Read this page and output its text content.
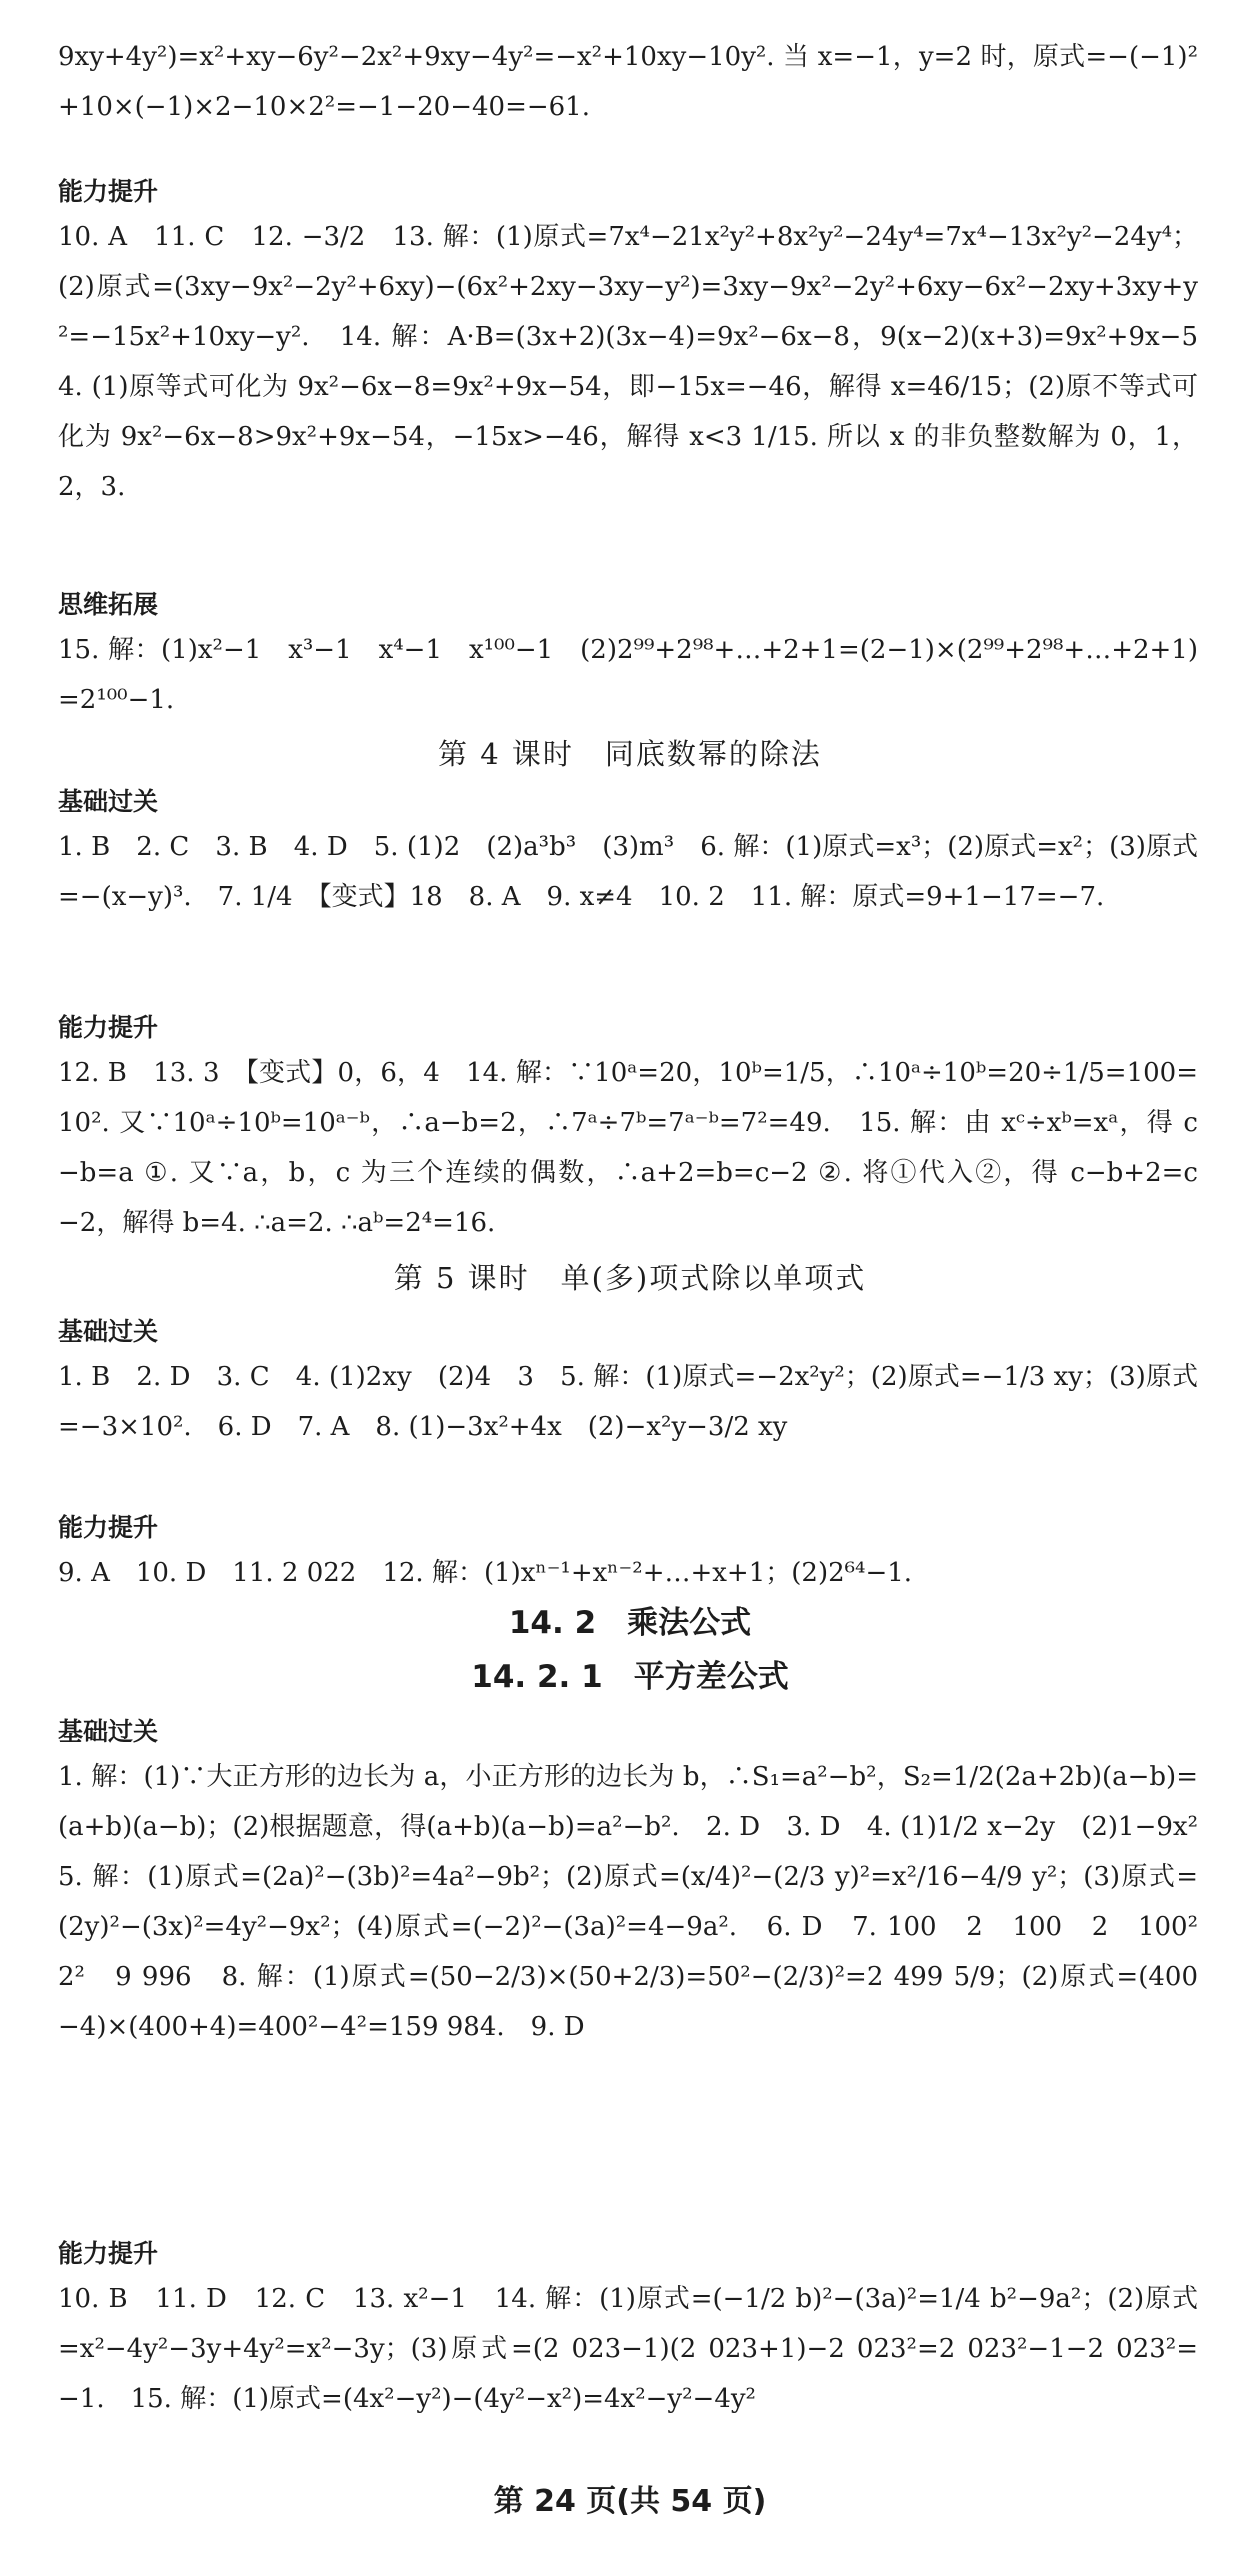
9xy+4y²)=x²+xy−6y²−2x²+9xy−4y²=−x²+10xy−10y². 当 x=−1，y=2 时，原式=−(−1)²+10×(−1)×2−10×2²=−1−20−40=−61.

能力提升

10. A　11. C　12. −3/2　13. 解：(1)原式=7x⁴−21x²y²+8x²y²−24y⁴=7x⁴−13x²y²−24y⁴；(2)原式=(3xy−9x²−2y²+6xy)−(6x²+2xy−3xy−y²)=3xy−9x²−2y²+6xy−6x²−2xy+3xy+y²=−15x²+10xy−y².　14. 解：A·B=(3x+2)(3x−4)=9x²−6x−8，9(x−2)(x+3)=9x²+9x−54. (1)原等式可化为 9x²−6x−8=9x²+9x−54，即−15x=−46，解得 x=46/15；(2)原不等式可化为 9x²−6x−8>9x²+9x−54，−15x>−46，解得 x<3 1/15. 所以 x 的非负整数解为 0，1，2，3.

思维拓展

15. 解：(1)x²−1　x³−1　x⁴−1　x¹⁰⁰−1　(2)2⁹⁹+2⁹⁸+…+2+1=(2−1)×(2⁹⁹+2⁹⁸+…+2+1)=2¹⁰⁰−1.

第 4 课时　同底数幂的除法

基础过关

1. B　2. C　3. B　4. D　5. (1)2　(2)a³b³　(3)m³　6. 解：(1)原式=x³；(2)原式=x²；(3)原式=−(x−y)³.　7. 1/4　【变式】18　8. A　9. x≠4　10. 2　11. 解：原式=9+1−17=−7.

能力提升

12. B　13. 3　【变式】0，6，4　14. 解：∵10ᵃ=20，10ᵇ=1/5，∴10ᵃ÷10ᵇ=20÷1/5=100=10². 又∵10ᵃ÷10ᵇ=10ᵃ⁻ᵇ，∴a−b=2，∴7ᵃ÷7ᵇ=7ᵃ⁻ᵇ=7²=49.　15. 解：由 xᶜ÷xᵇ=xᵃ，得 c−b=a ①. 又∵a，b，c 为三个连续的偶数，∴a+2=b=c−2 ②. 将①代入②，得 c−b+2=c−2，解得 b=4. ∴a=2. ∴aᵇ=2⁴=16.

第 5 课时　单(多)项式除以单项式

基础过关

1. B　2. D　3. C　4. (1)2xy　(2)4　3　5. 解：(1)原式=−2x²y²；(2)原式=−1/3 xy；(3)原式=−3×10².　6. D　7. A　8. (1)−3x²+4x　(2)−x²y−3/2 xy

能力提升

9. A　10. D　11. 2 022　12. 解：(1)xⁿ⁻¹+xⁿ⁻²+…+x+1；(2)2⁶⁴−1.

14. 2　乘法公式

14. 2. 1　平方差公式

基础过关

1. 解：(1)∵大正方形的边长为 a，小正方形的边长为 b，∴S₁=a²−b²，S₂=1/2(2a+2b)(a−b)=(a+b)(a−b)；(2)根据题意，得(a+b)(a−b)=a²−b².　2. D　3. D　4. (1)1/2 x−2y　(2)1−9x²　5. 解：(1)原式=(2a)²−(3b)²=4a²−9b²；(2)原式=(x/4)²−(2/3 y)²=x²/16−4/9 y²；(3)原式=(2y)²−(3x)²=4y²−9x²；(4)原式=(−2)²−(3a)²=4−9a².　6. D　7. 100　2　100　2　100²　2²　9 996　8. 解：(1)原式=(50−2/3)×(50+2/3)=50²−(2/3)²=2 499 5/9；(2)原式=(400−4)×(400+4)=400²−4²=159 984.　9. D

能力提升

10. B　11. D　12. C　13. x²−1　14. 解：(1)原式=(−1/2 b)²−(3a)²=1/4 b²−9a²；(2)原式=x²−4y²−3y+4y²=x²−3y；(3)原式=(2 023−1)(2 023+1)−2 023²=2 023²−1−2 023²=−1.　15. 解：(1)原式=(4x²−y²)−(4y²−x²)=4x²−y²−4y²

第 24 页(共 54 页)
